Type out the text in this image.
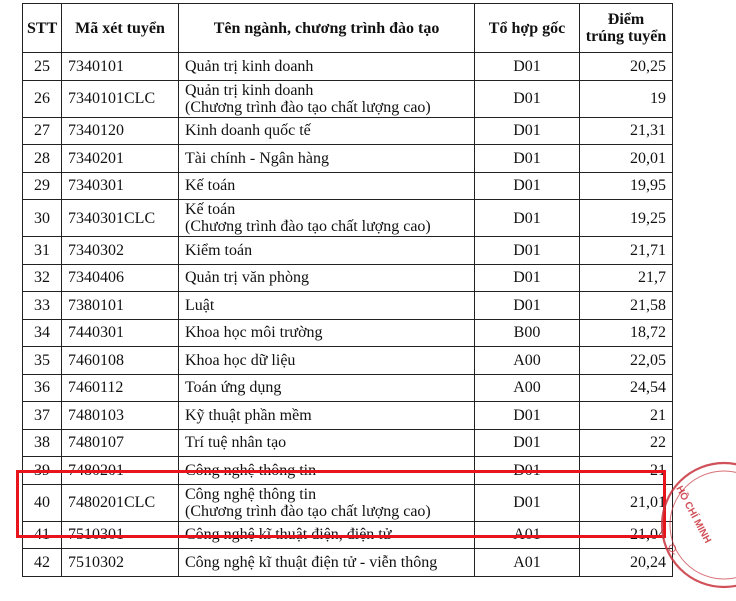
STT	Mã xét tuyển	Tên ngành, chương trình đào tạo	Tổ hợp gốc	Điểm
trúng tuyển

25	7340101	Quản trị kinh doanh	D01	20,25
26	7340101CLC	Quản trị kinh doanh
(Chương trình đào tạo chất lượng cao)	D01	19
27	7340120	Kinh doanh quốc tế	D01	21,31
28	7340201	Tài chính - Ngân hàng	D01	20,01
29	7340301	Kế toán	D01	19,95
30	7340301CLC	Kế toán
(Chương trình đào tạo chất lượng cao)	D01	19,25
31	7340302	Kiểm toán	D01	21,71
32	7340406	Quản trị văn phòng	D01	21,7
33	7380101	Luật	D01	21,58
34	7440301	Khoa học môi trường	B00	18,72
35	7460108	Khoa học dữ liệu	A00	22,05
36	7460112	Toán ứng dụng	A00	24,54
37	7480103	Kỹ thuật phần mềm	D01	21
38	7480107	Trí tuệ nhân tạo	D01	22
39	7480201	Công nghệ thông tin	D01	21
40	7480201CLC	Công nghệ thông tin
(Chương trình đào tạo chất lượng cao)	D01	21,01
41	7510301	Công nghệ kĩ thuật điện, điện tử	A01	21,04
42	7510302	Công nghệ kĩ thuật điện tử - viễn thông	A01	20,24
HỒ CHÍ MINH
Q
